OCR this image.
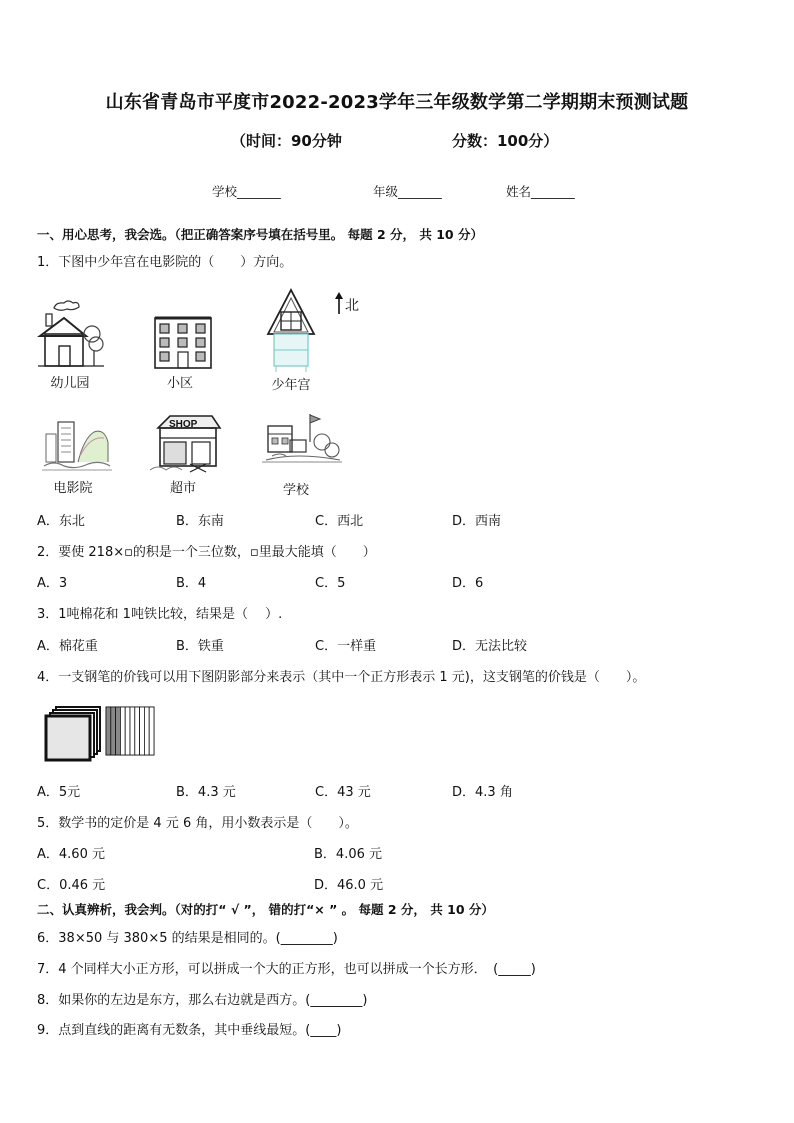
山东省青岛市平度市2022-2023学年三年级数学第二学期期末预测试题
（时间：90分钟	分数：100分）
学校_______	年级_______	姓名_______
一、用心思考，我会选。（把正确答案序号填在括号里。 每题 2 分， 共 10 分）
1．下图中少年宫在电影院的（　　）方向。
北
幼儿园	小区	少年宫
电影院
SHOP
超市	学校
A．东北	B．东南	C．西北	D．西南
2．要使 218×▫的积是一个三位数，▫里最大能填（　　）
A．3	B．4	C．5	D．6
3．1吨棉花和 1吨铁比较，结果是（　 ）.
A．棉花重	B．铁重	C．一样重	D．无法比较
4．一支钢笔的价钱可以用下图阴影部分来表示（其中一个正方形表示 1 元)，这支钢笔的价钱是（　　）。
A．5元	B．4.3 元	C．43 元	D．4.3 角
5．数学书的定价是 4 元 6 角，用小数表示是（　　）。
A．4.60 元	B．4.06 元
C．0.46 元	D．46.0 元
二、认真辨析，我会判。（对的打“ √ ”， 错的打“× ” 。 每题 2 分， 共 10 分）
6．38×50 与 380×5 的结果是相同的。(________)
7．4 个同样大小正方形，可以拼成一个大的正方形，也可以拼成一个长方形．　(_____)
8．如果你的左边是东方，那么右边就是西方。(________)
9．点到直线的距离有无数条，其中垂线最短。(____)
